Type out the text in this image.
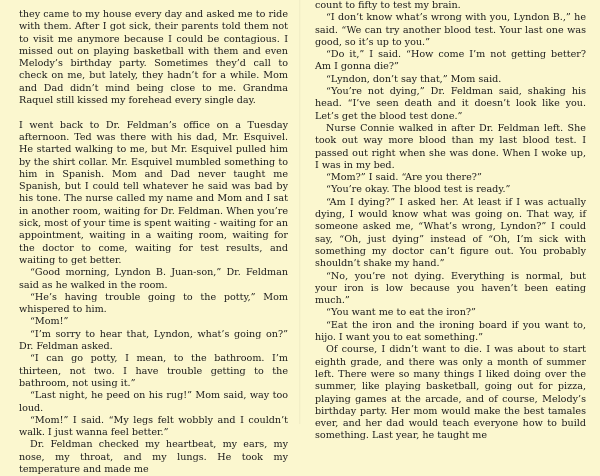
they came to my house every day and asked me to ride with them. After I got sick, their parents told them not to visit me anymore because I could be contagious. I missed out on playing basketball with them and even Melody’s birthday party. Sometimes they’d call to check on me, but lately, they hadn’t for a while. Mom and Dad didn’t mind being close to me. Grandma Raquel still kissed my forehead every single day.

I went back to Dr. Feldman’s office on a Tuesday afternoon. Ted was there with his dad, Mr. Esquivel. He started walking to me, but Mr. Esquivel pulled him by the shirt collar. Mr. Esquivel mumbled something to him in Spanish. Mom and Dad never taught me Spanish, but I could tell whatever he said was bad by his tone. The nurse called my name and Mom and I sat in another room, waiting for Dr. Feldman. When you’re sick, most of your time is spent waiting - waiting for an appointment, waiting in a waiting room, waiting for the doctor to come, waiting for test results, and waiting to get better.

“Good morning, Lyndon B. Juan-son,” Dr. Feldman said as he walked in the room.

“He’s having trouble going to the potty,” Mom whispered to him.

“Mom!”

“I’m sorry to hear that, Lyndon, what’s going on?” Dr. Feldman asked.

“I can go potty, I mean, to the bathroom. I’m thirteen, not two. I have trouble getting to the bathroom, not using it.”

“Last night, he peed on his rug!” Mom said, way too loud.

“Mom!” I said. “My legs felt wobbly and I couldn’t walk. I just wanna feel better.”

Dr. Feldman checked my heartbeat, my ears, my nose, my throat, and my lungs. He took my temperature and made me

count to fifty to test my brain.

“I don’t know what’s wrong with you, Lyndon B.,” he said. “We can try another blood test. Your last one was good, so it’s up to you.”

“Do it,” I said. “How come I’m not getting better? Am I gonna die?”

“Lyndon, don’t say that,” Mom said.

“You’re not dying,” Dr. Feldman said, shaking his head. “I’ve seen death and it doesn’t look like you. Let’s get the blood test done.”

Nurse Connie walked in after Dr. Feldman left. She took out way more blood than my last blood test. I passed out right when she was done. When I woke up, I was in my bed.

“Mom?” I said. “Are you there?”

“You’re okay. The blood test is ready.”

“Am I dying?” I asked her. At least if I was actually dying, I would know what was going on. That way, if someone asked me, “What’s wrong, Lyndon?” I could say, “Oh, just dying” instead of “Oh, I’m sick with something my doctor can’t figure out. You probably shouldn’t shake my hand.”

“No, you’re not dying. Everything is normal, but your iron is low because you haven’t been eating much.”

“You want me to eat the iron?”

“Eat the iron and the ironing board if you want to, hijo. I want you to eat something.”

Of course, I didn’t want to die. I was about to start eighth grade, and there was only a month of summer left. There were so many things I liked doing over the summer, like playing basketball, going out for pizza, playing games at the arcade, and of course, Melody’s birthday party. Her mom would make the best tamales ever, and her dad would teach everyone how to build something. Last year, he taught me
